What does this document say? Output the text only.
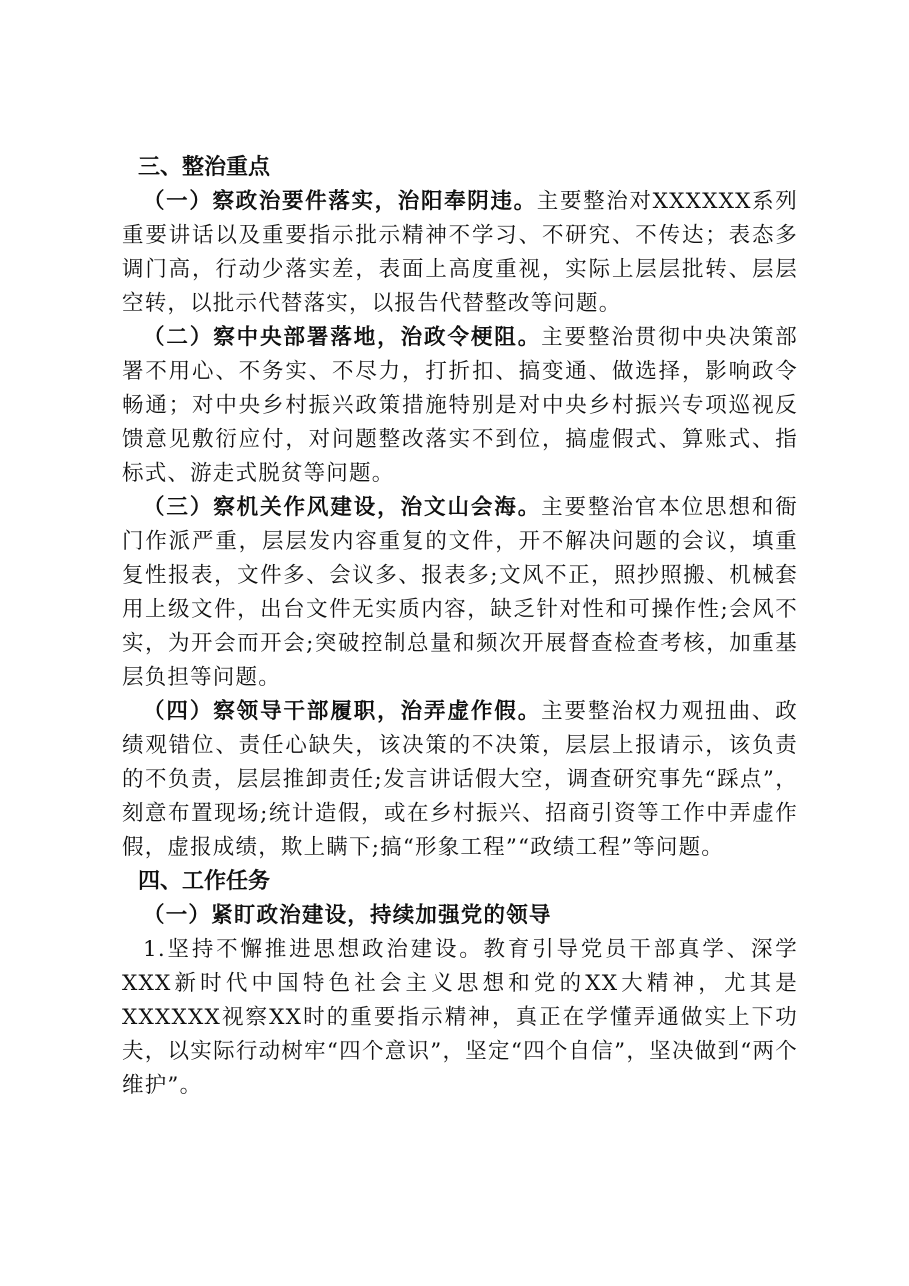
三、整治重点

（一）察政治要件落实，治阳奉阴违。主要整治对XXXXXX系列重要讲话以及重要指示批示精神不学习、不研究、不传达；表态多调门高，行动少落实差，表面上高度重视，实际上层层批转、层层空转，以批示代替落实，以报告代替整改等问题。

（二）察中央部署落地，治政令梗阻。主要整治贯彻中央决策部署不用心、不务实、不尽力，打折扣、搞变通、做选择，影响政令畅通；对中央乡村振兴政策措施特别是对中央乡村振兴专项巡视反馈意见敷衍应付，对问题整改落实不到位，搞虚假式、算账式、指标式、游走式脱贫等问题。

（三）察机关作风建设，治文山会海。主要整治官本位思想和衙门作派严重，层层发内容重复的文件，开不解决问题的会议，填重复性报表，文件多、会议多、报表多;文风不正，照抄照搬、机械套用上级文件，出台文件无实质内容，缺乏针对性和可操作性;会风不实，为开会而开会;突破控制总量和频次开展督查检查考核，加重基层负担等问题。

（四）察领导干部履职，治弄虚作假。主要整治权力观扭曲、政绩观错位、责任心缺失，该决策的不决策，层层上报请示，该负责的不负责，层层推卸责任;发言讲话假大空，调查研究事先“踩点”，刻意布置现场;统计造假，或在乡村振兴、招商引资等工作中弄虚作假，虚报成绩，欺上瞒下;搞“形象工程”“政绩工程”等问题。

四、工作任务

（一）紧盯政治建设，持续加强党的领导

1.坚持不懈推进思想政治建设。教育引导党员干部真学、深学XXX新时代中国特色社会主义思想和党的XX大精神，尤其是XXXXXX视察XX时的重要指示精神，真正在学懂弄通做实上下功夫，以实际行动树牢“四个意识”，坚定“四个自信”，坚决做到“两个维护”。
